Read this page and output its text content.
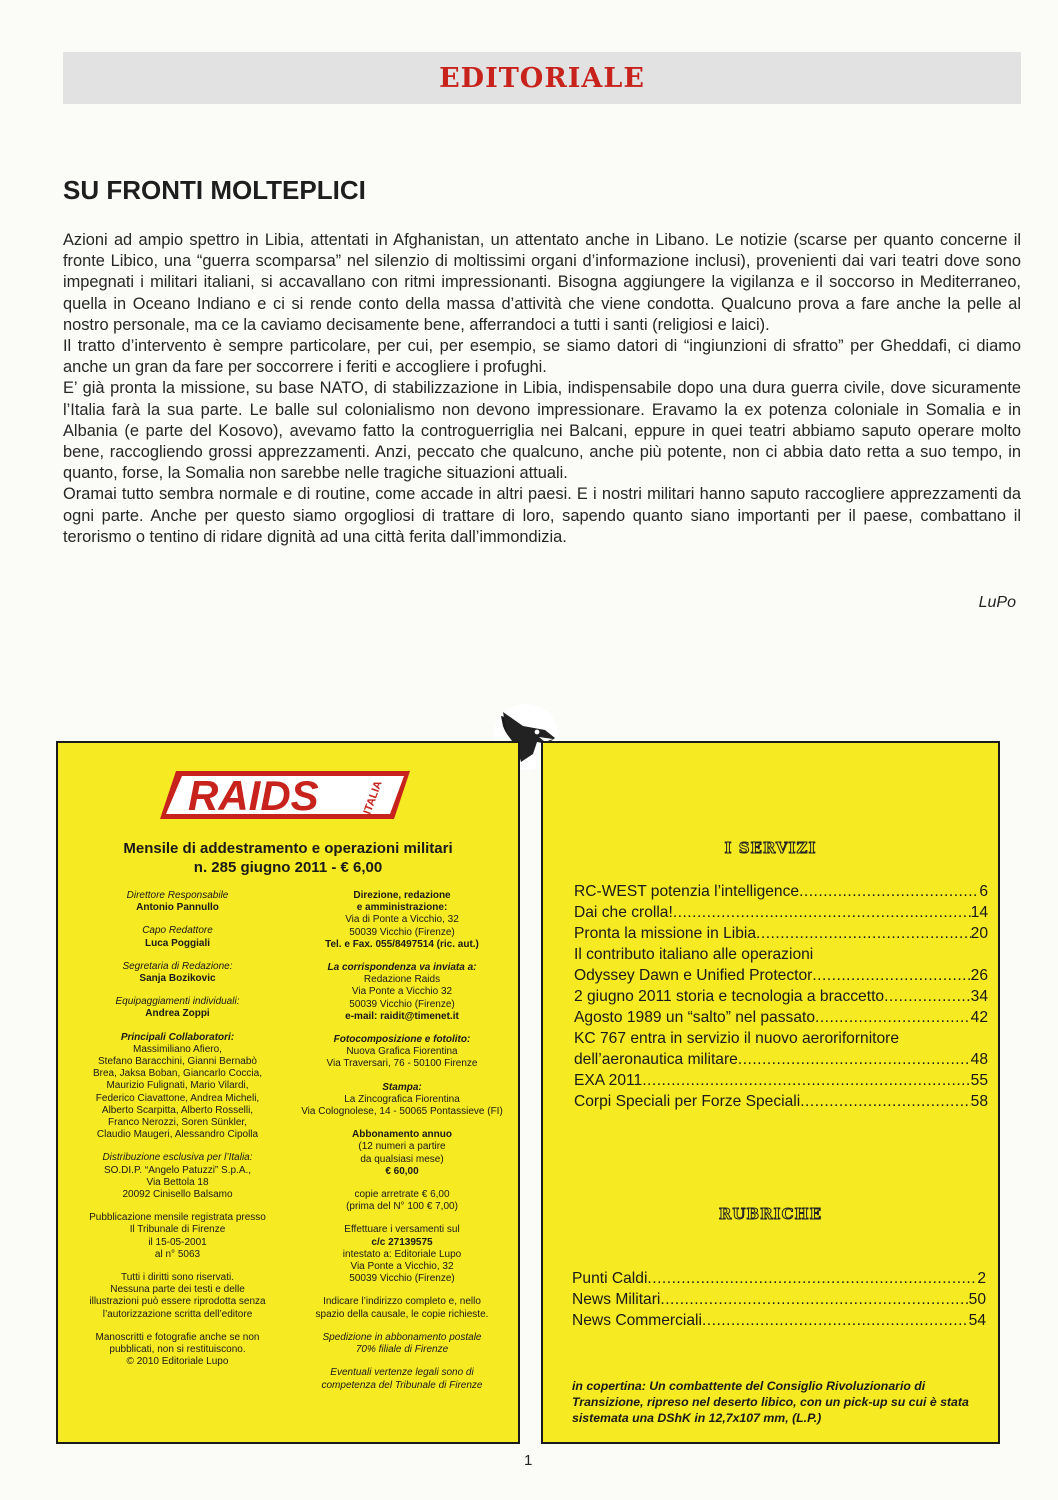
EDITORIALE
SU FRONTI MOLTEPLICI

Azioni ad ampio spettro in Libia, attentati in Afghanistan, un attentato anche in Libano. Le notizie (scarse per quanto concerne il fronte Libico, una “guerra scomparsa” nel silenzio di moltissimi organi d’informazione inclusi), provenienti dai vari teatri dove sono impegnati i militari italiani, si accavallano con ritmi impressionanti. Bisogna aggiungere la vigilanza e il soccorso in Mediterraneo, quella in Oceano Indiano e ci si rende conto della massa d’attività che viene condotta. Qualcuno prova a fare anche la pelle al nostro personale, ma ce la caviamo decisamente bene, afferrandoci a tutti i santi (religiosi e laici).

Il tratto d’intervento è sempre particolare, per cui, per esempio, se siamo datori di “ingiunzioni di sfratto” per Gheddafi, ci diamo anche un gran da fare per soccorrere i feriti e accogliere i profughi.

E’ già pronta la missione, su base NATO, di stabilizzazione in Libia, indispensabile dopo una dura guerra civile, dove sicuramente l’Italia farà la sua parte. Le balle sul colonialismo non devono impressionare. Eravamo la ex potenza coloniale in Somalia e in Albania (e parte del Kosovo), avevamo fatto la controguerriglia nei Balcani, eppure in quei teatri abbiamo saputo operare molto bene, raccogliendo grossi apprezzamenti. Anzi, peccato che qualcuno, anche più potente, non ci abbia dato retta a suo tempo, in quanto, forse, la Somalia non sarebbe nelle tragiche situazioni attuali.

Oramai tutto sembra normale e di routine, come accade in altri paesi. E i nostri militari hanno saputo raccogliere apprezzamenti da ogni parte. Anche per questo siamo orgogliosi di trattare di loro, sapendo quanto siano importanti per il paese, combattano il terorismo o tentino di ridare dignità ad una città ferita dall’immondizia.

LuPo
RAIDS	ITALIA
Mensile di addestramento e operazioni militari
n. 285 giugno 2011 - € 6,00
Direttore Responsabile
Antonio Pannullo
Capo Redattore
Luca Poggiali
Segretaria di Redazione:
Sanja Bozikovic
Equipaggiamenti individuali:
Andrea Zoppi
Principali Collaboratori:
Massimiliano Afiero,
Stefano Baracchini, Gianni Bernabò
Brea, Jaksa Boban, Giancarlo Coccia,
Maurizio Fulignati, Mario Vilardi,
Federico Ciavattone, Andrea Micheli,
Alberto Scarpitta, Alberto Rosselli,
Franco Nerozzi, Soren Sünkler,
Claudio Maugeri, Alessandro Cipolla
Distribuzione esclusiva per l’Italia:
SO.DI.P. “Angelo Patuzzi” S.p.A.,
Via Bettola 18
20092 Cinisello Balsamo
Pubblicazione mensile registrata presso
Il Tribunale di Firenze
il 15-05-2001
al n° 5063
Tutti i diritti sono riservati.
Nessuna parte dei testi e delle
illustrazioni può essere riprodotta senza
l’autorizzazione scritta dell’editore
Manoscritti e fotografie anche se non
pubblicati, non si restituiscono.
© 2010 Editoriale Lupo
Direzione, redazione
e amministrazione:
Via di Ponte a Vicchio, 32
50039 Vicchio (Firenze)
Tel. e Fax. 055/8497514 (ric. aut.)
La corrispondenza va inviata a:
Redazione Raids
Via Ponte a Vicchio 32
50039 Vicchio (Firenze)
e-mail: raidit@timenet.it
Fotocomposizione e fotolito:
Nuova Grafica Fiorentina
Via Traversari, 76 - 50100 Firenze
Stampa:
La Zincografica Fiorentina
Via Colognolese, 14 - 50065 Pontassieve (FI)
Abbonamento annuo
(12 numeri a partire
da qualsiasi mese)
€ 60,00
copie arretrate € 6,00
(prima del N° 100 € 7,00)
Effettuare i versamenti sul
c/c 27139575
intestato a: Editoriale Lupo
Via Ponte a Vicchio, 32
50039 Vicchio (Firenze)
Indicare l’indirizzo completo e, nello
spazio della causale, le copie richieste.
Spedizione in abbonamento postale
70% filiale di Firenze
Eventuali vertenze legali sono di
competenza del Tribunale di Firenze
I SERVIZI
RC-WEST potenzia l’intelligence .....	6
Dai che crolla! .....	14
Pronta la missione in Libia .....	20
Il contributo italiano alle operazioni
Odyssey Dawn e Unified Protector .....	26
2 giugno 2011 storia e tecnologia a braccetto .....	34
Agosto 1989 un “salto” nel passato .....	42
KC 767 entra in servizio il nuovo aerorifornitore
dell’aeronautica militare .....	48
EXA 2011 .....	55
Corpi Speciali per Forze Speciali .....	58
RUBRICHE
Punti Caldi .....	2
News Militari .....	50
News Commerciali .....	54
in copertina: Un combattente del Consiglio Rivoluzionario di Transizione, ripreso nel deserto libico, con un pick-up su cui è stata sistemata una DShK in 12,7x107 mm, (L.P.)
1
